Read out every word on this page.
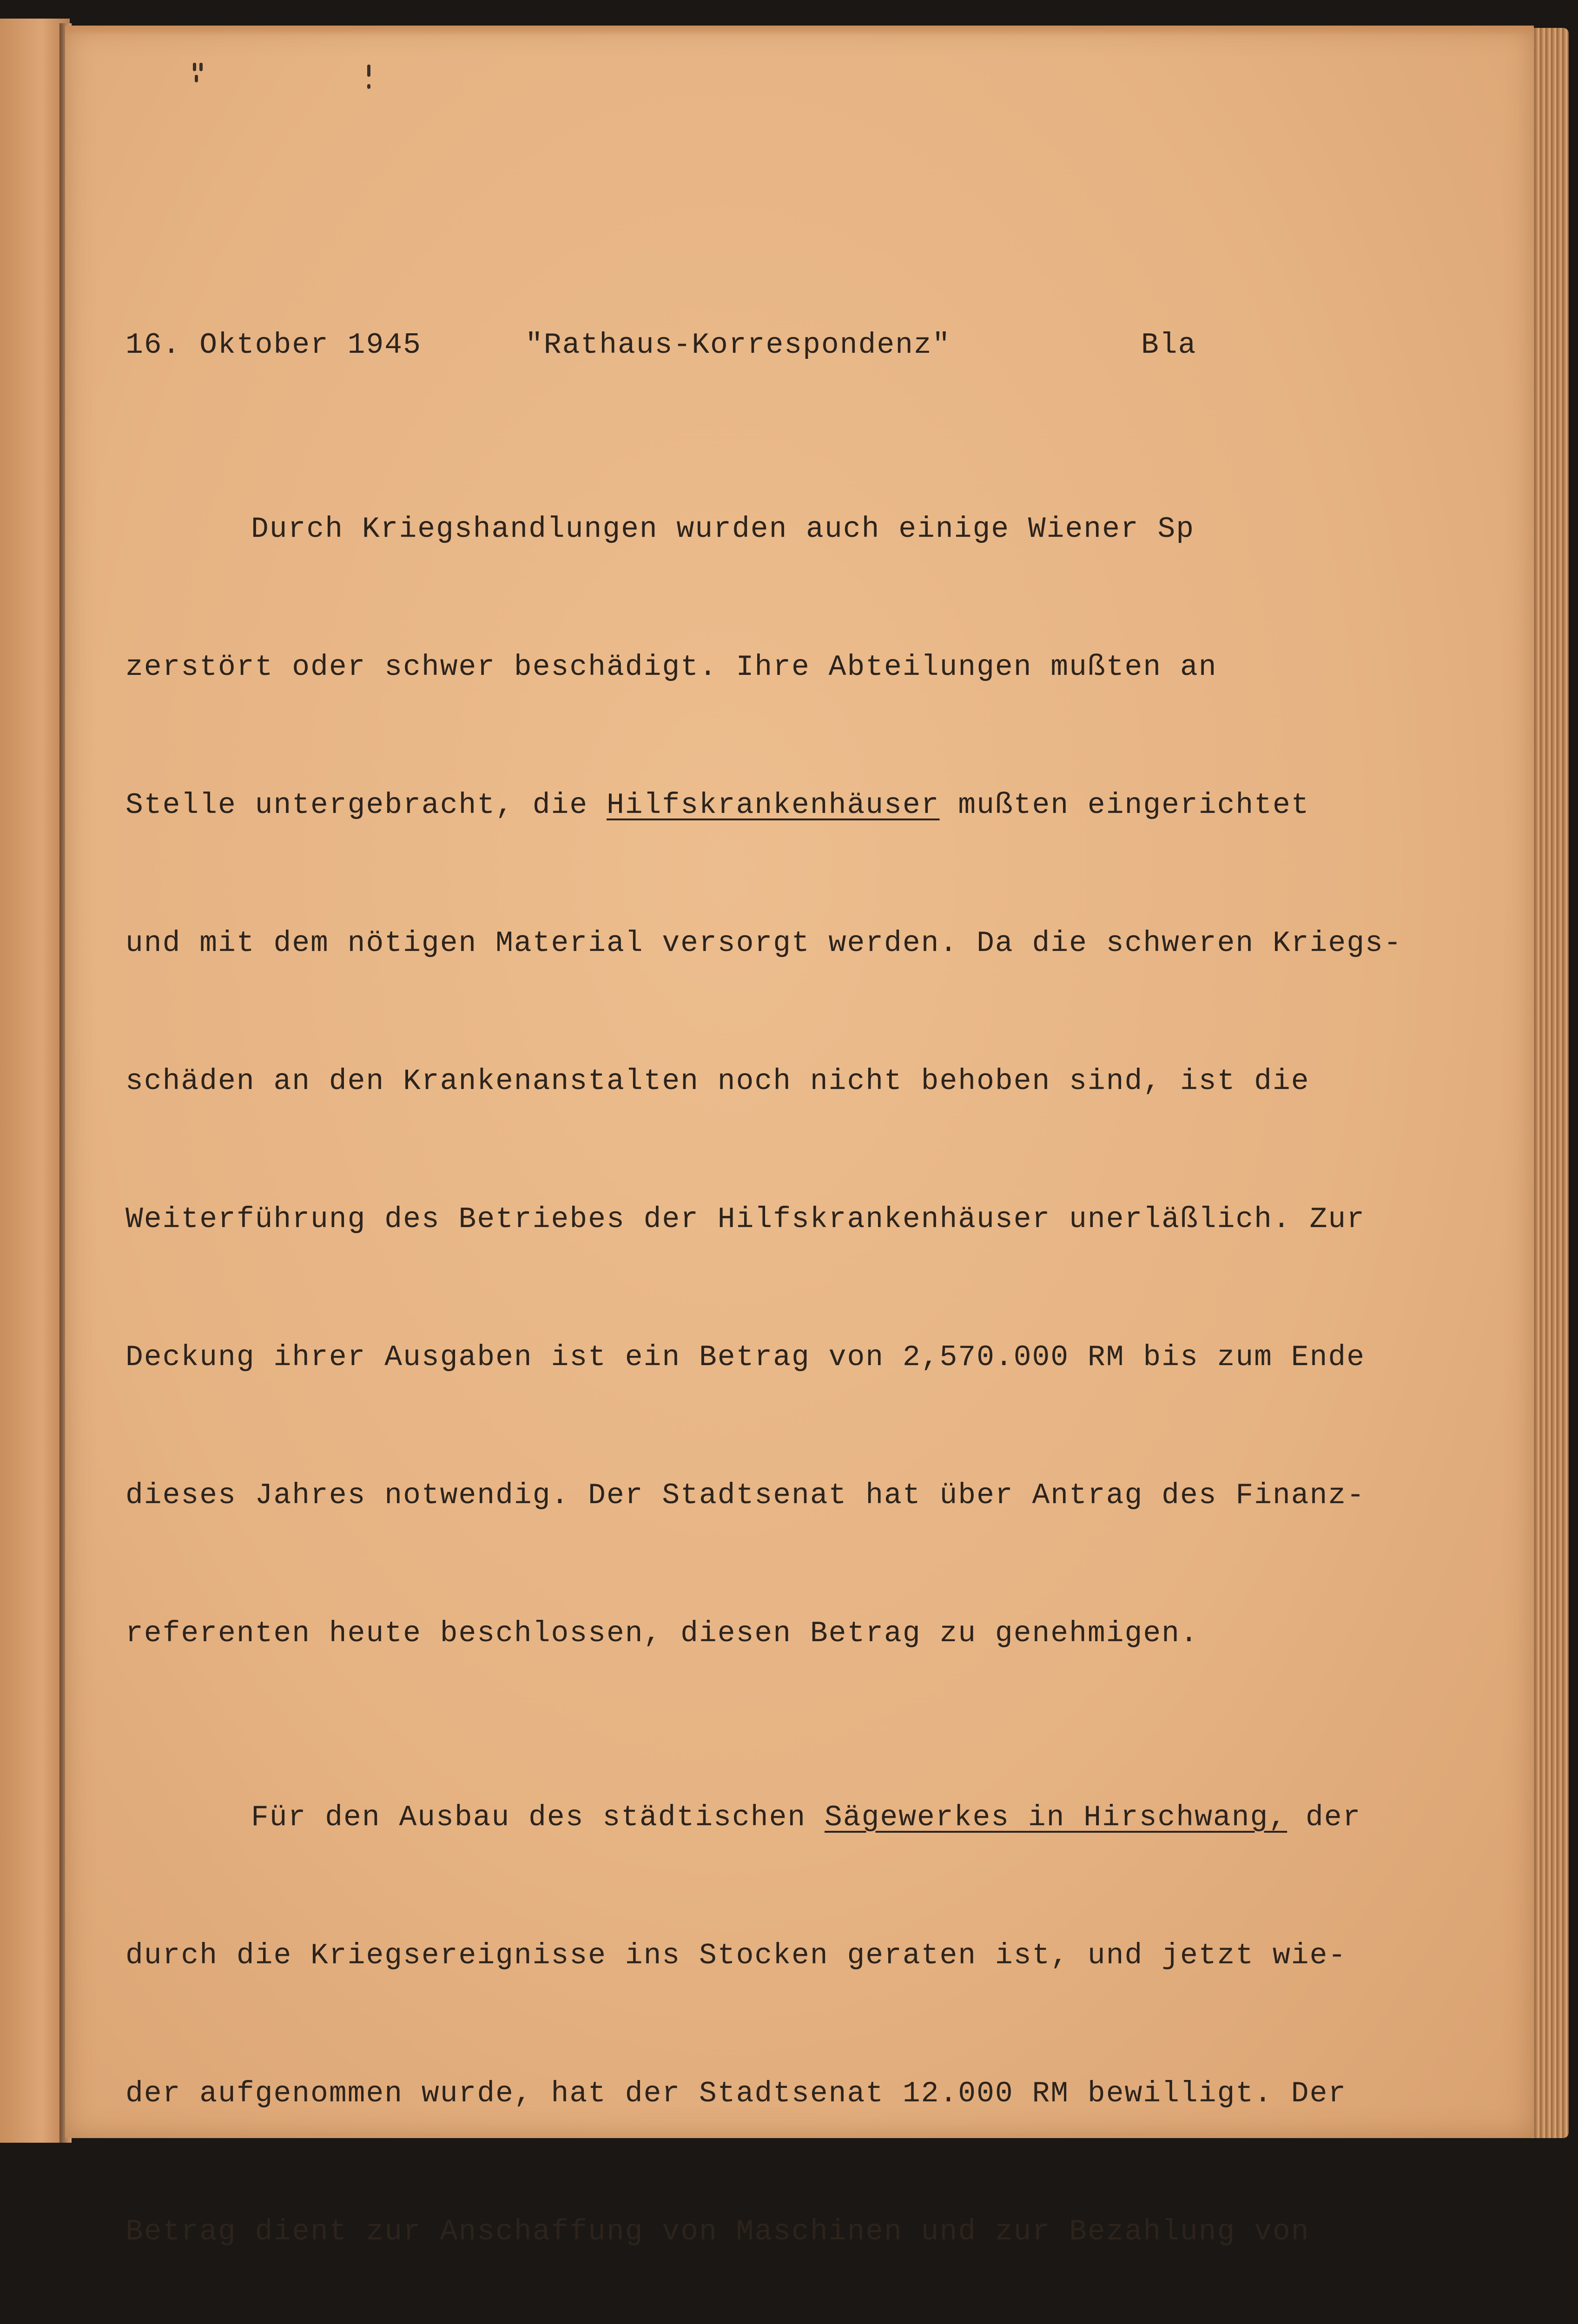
16. Oktober 1945

	"Rathaus-Korrespondenz"

	Bla

Durch Kriegshandlungen wurden auch einige Wiener Sp

zerstört oder schwer beschädigt. Ihre Abteilungen mußten an

Stelle untergebracht, die Hilfskrankenhäuser mußten eingerichtet

und mit dem nötigen Material versorgt werden. Da die schweren Kriegs-

schäden an den Krankenanstalten noch nicht behoben sind, ist die

Weiterführung des Betriebes der Hilfskrankenhäuser unerläßlich. Zur

Deckung ihrer Ausgaben ist ein Betrag von 2,570.000 RM bis zum Ende

dieses Jahres notwendig. Der Stadtsenat hat über Antrag des Finanz-

referenten heute beschlossen, diesen Betrag zu genehmigen.

Für den Ausbau des städtischen Sägewerkes in Hirschwang, der

durch die Kriegsereignisse ins Stocken geraten ist, und jetzt wie-

der aufgenommen wurde, hat der Stadtsenat 12.000 RM bewilligt. Der

Betrag dient zur Anschaffung von Maschinen und zur Bezahlung von
